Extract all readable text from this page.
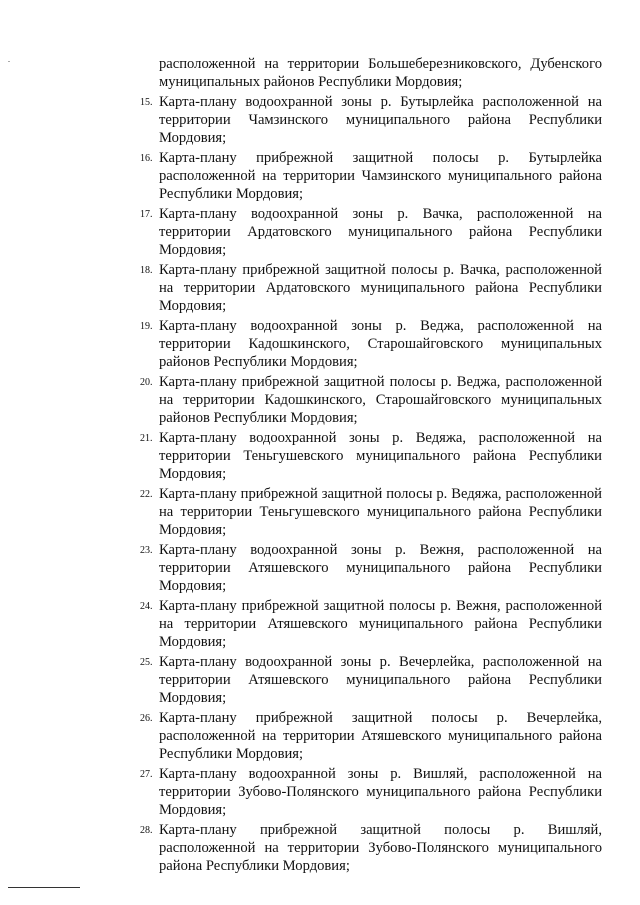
расположенной на территории Большеберезниковского, Дубенского муниципальных районов Республики Мордовия;
15. Карта-плану водоохранной зоны р. Бутырлейка расположенной на территории Чамзинского муниципального района Республики Мордовия;
16. Карта-плану прибрежной защитной полосы р. Бутырлейка расположенной на территории Чамзинского муниципального района Республики Мордовия;
17. Карта-плану водоохранной зоны р. Вачка, расположенной на территории Ардатовского муниципального района Республики Мордовия;
18. Карта-плану прибрежной защитной полосы р. Вачка, расположенной на территории Ардатовского муниципального района Республики Мордовия;
19. Карта-плану водоохранной зоны р. Веджа, расположенной на территории Кадошкинского, Старошайговского муниципальных районов Республики Мордовия;
20. Карта-плану прибрежной защитной полосы р. Веджа, расположенной на территории Кадошкинского, Старошайговского муниципальных районов Республики Мордовия;
21. Карта-плану водоохранной зоны р. Ведяжа, расположенной на территории Теньгушевского муниципального района Республики Мордовия;
22. Карта-плану прибрежной защитной полосы р. Ведяжа, расположенной на территории Теньгушевского муниципального района Республики Мордовия;
23. Карта-плану водоохранной зоны р. Вежня, расположенной на территории Атяшевского муниципального района Республики Мордовия;
24. Карта-плану прибрежной защитной полосы р. Вежня, расположенной на территории Атяшевского муниципального района Республики Мордовия;
25. Карта-плану водоохранной зоны р. Вечерлейка, расположенной на территории Атяшевского муниципального района Республики Мордовия;
26. Карта-плану прибрежной защитной полосы р. Вечерлейка, расположенной на территории Атяшевского муниципального района Республики Мордовия;
27. Карта-плану водоохранной зоны р. Вишляй, расположенной на территории Зубово-Полянского муниципального района Республики Мордовия;
28. Карта-плану прибрежной защитной полосы р. Вишляй, расположенной на территории Зубово-Полянского муниципального района Республики Мордовия;
